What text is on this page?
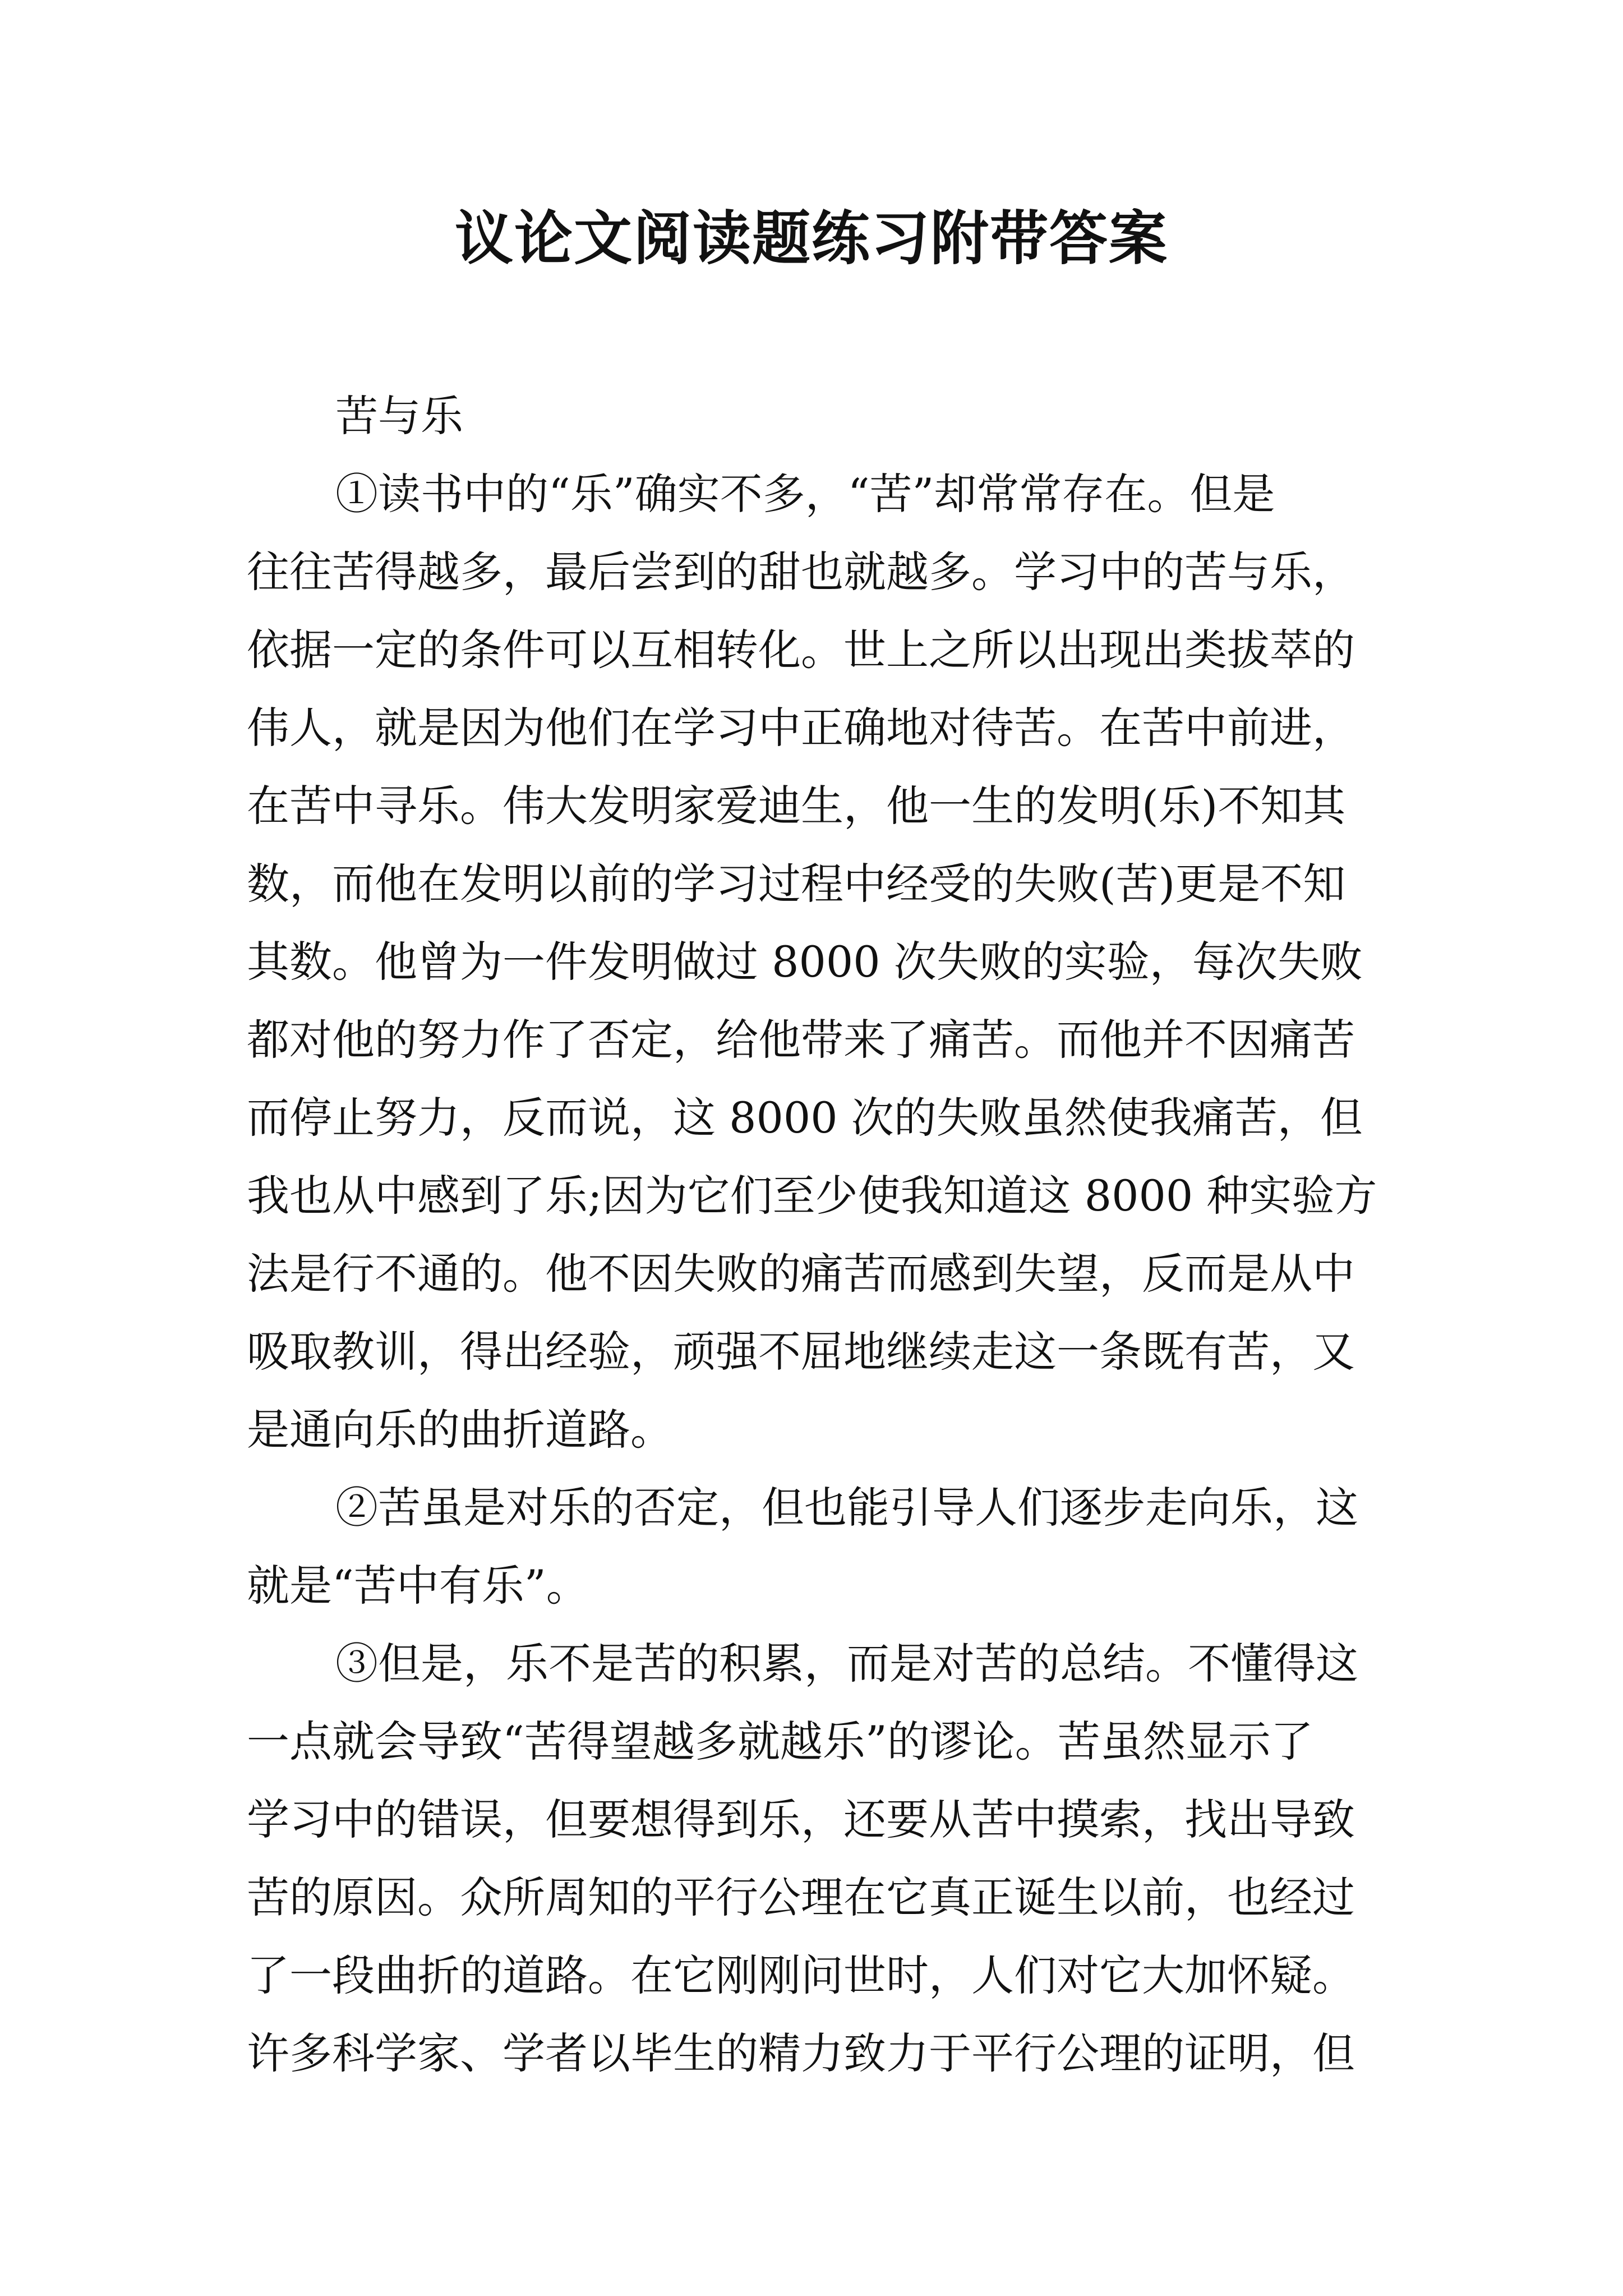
议论文阅读题练习附带答案
苦与乐
①读书中的“乐”确实不多，“苦”却常常存在。但是
往往苦得越多，最后尝到的甜也就越多。学习中的苦与乐，
依据一定的条件可以互相转化。世上之所以出现出类拔萃的
伟人，就是因为他们在学习中正确地对待苦。在苦中前进，
在苦中寻乐。伟大发明家爱迪生，他一生的发明(乐)不知其
数，而他在发明以前的学习过程中经受的失败(苦)更是不知
其数。他曾为一件发明做过 8000 次失败的实验，每次失败
都对他的努力作了否定，给他带来了痛苦。而他并不因痛苦
而停止努力，反而说，这 8000 次的失败虽然使我痛苦，但
我也从中感到了乐;因为它们至少使我知道这 8000 种实验方
法是行不通的。他不因失败的痛苦而感到失望，反而是从中
吸取教训，得出经验，顽强不屈地继续走这一条既有苦，又
是通向乐的曲折道路。
②苦虽是对乐的否定，但也能引导人们逐步走向乐，这
就是“苦中有乐”。
③但是，乐不是苦的积累，而是对苦的总结。不懂得这
一点就会导致“苦得望越多就越乐”的谬论。苦虽然显示了
学习中的错误，但要想得到乐，还要从苦中摸索，找出导致
苦的原因。众所周知的平行公理在它真正诞生以前，也经过
了一段曲折的道路。在它刚刚问世时，人们对它大加怀疑。
许多科学家、学者以毕生的精力致力于平行公理的证明，但
